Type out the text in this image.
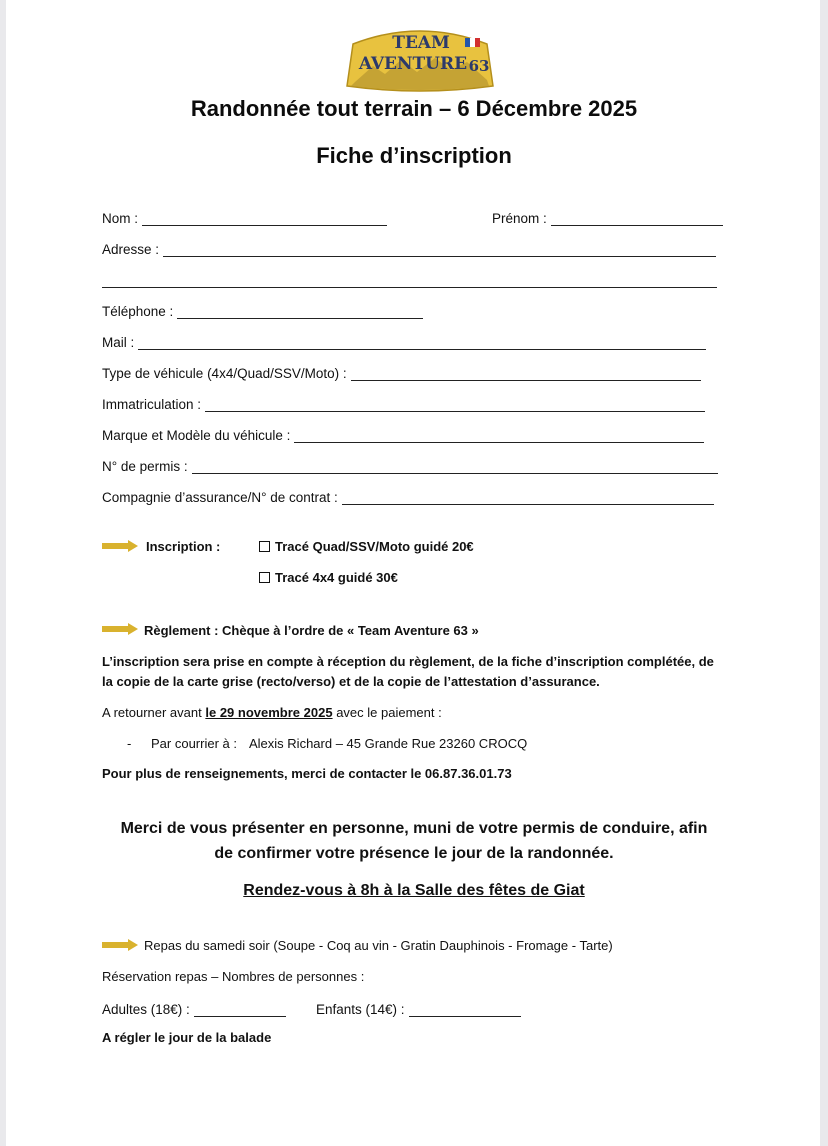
TEAM
AVENTURE 63
Randonnée tout terrain – 6 Décembre 2025
Fiche d’inscription
Nom :	Prénom :
Adresse :
Téléphone :
Mail :
Type de véhicule (4x4/Quad/SSV/Moto) :
Immatriculation :
Marque et Modèle du véhicule :
N° de permis :
Compagnie d’assurance/N° de contrat :
Inscription :	Tracé Quad/SSV/Moto guidé 20€
Tracé 4x4 guidé 30€
Règlement : Chèque à l’ordre de « Team Aventure 63 »
L’inscription sera prise en compte à réception du règlement, de la fiche d’inscription complétée, de
la copie de la carte grise (recto/verso) et de la copie de l’attestation d’assurance.
A retourner avant le 29 novembre 2025 avec le paiement :
- Par courrier à : Alexis Richard – 45 Grande Rue 23260 CROCQ
Pour plus de renseignements, merci de contacter le 06.87.36.01.73
Merci de vous présenter en personne, muni de votre permis de conduire, afin
de confirmer votre présence le jour de la randonnée.
Rendez-vous à 8h à la Salle des fêtes de Giat
Repas du samedi soir (Soupe - Coq au vin - Gratin Dauphinois - Fromage - Tarte)
Réservation repas – Nombres de personnes :
Adultes (18€) :	Enfants (14€) :
A régler le jour de la balade
